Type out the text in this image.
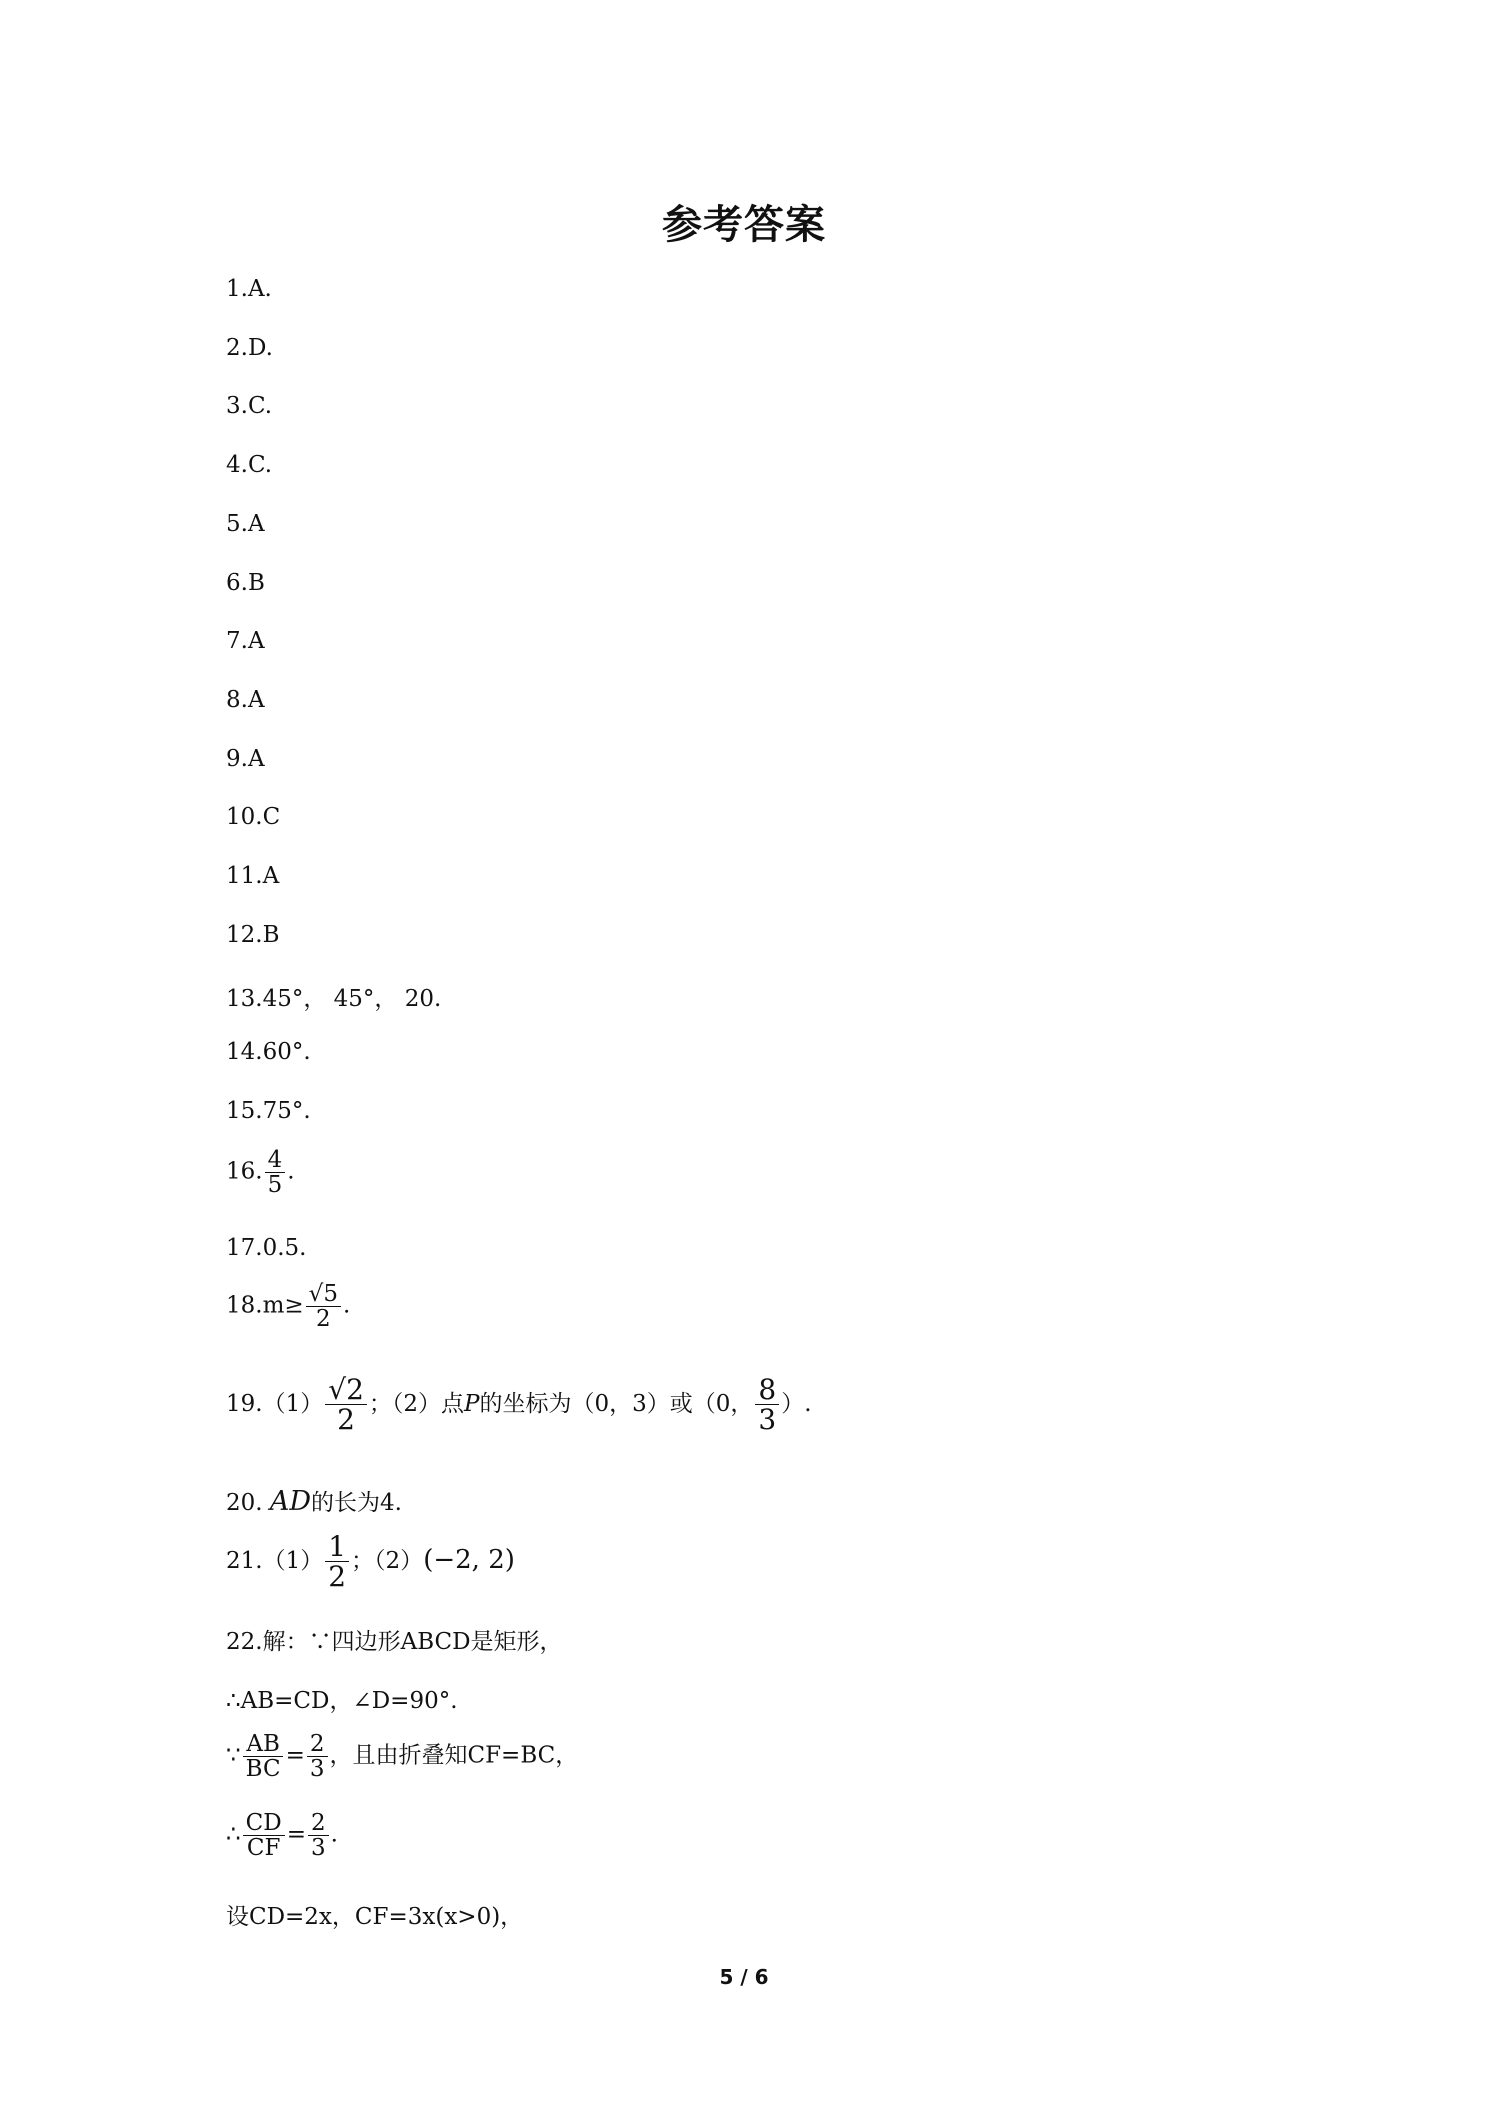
参考答案
1.A.
2.D.
3.C.
4.C.
5.A
6.B
7.A
8.A
9.A
10.C
11.A
12.B
13.45°， 45°， 20.
14.60°.
15.75°.
16. $\frac{4}{5}$ .
17.0.5.
18.m≥ √ $\frac{5}{2}$ .
19.（1） √ $\frac{2}{2}$ ；（2）点P的坐标为（0，3）或（0， $\frac{8}{3}$ ）.
20. AD的长为4.
$21.(1) \frac{1}{2}$ ；（2）(−2, 2)
22.解：∵四边形ABCD是矩形，
∴AB=CD，∠D=90°.
∵ $\frac{AB}{BC} = \frac{2}{3}$ ，且由折叠知CF=BC，
∴ $\frac{CD}{CF} = \frac{2}{3}$ .
设CD=2x，CF=3x(x>0)，
5 / 6
